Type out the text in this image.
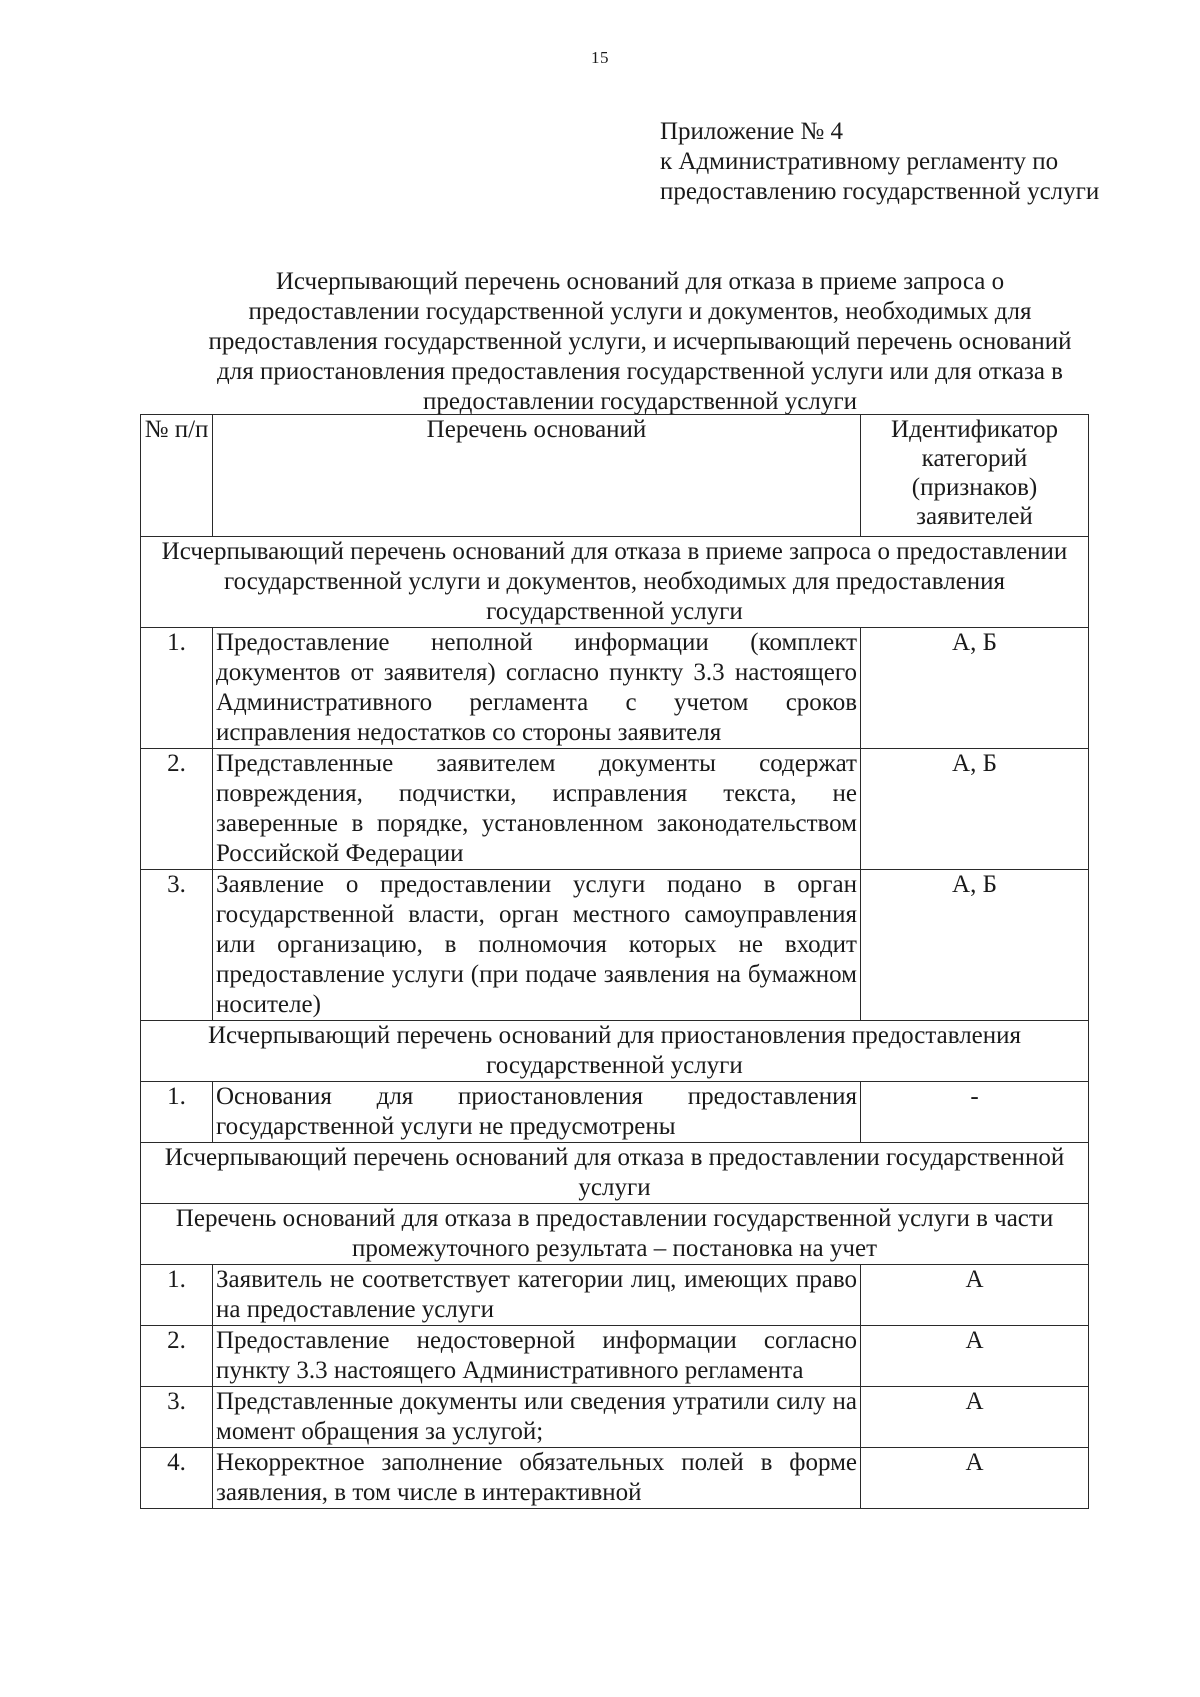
15
Приложение № 4
к Административному регламенту по
предоставлению государственной услуги
Исчерпывающий перечень оснований для отказа в приеме запроса о
предоставлении государственной услуги и документов, необходимых для
предоставления государственной услуги, и исчерпывающий перечень оснований
для приостановления предоставления государственной услуги или для отказа в
предоставлении государственной услуги
№ п/п	Перечень оснований	Идентификатор категорий (признаков) заявителей
Исчерпывающий перечень оснований для отказа в приеме запроса о предоставлении государственной услуги и документов, необходимых для предоставления государственной услуги		
1.	Предоставление неполной информации (комплект документов от заявителя) согласно пункту 3.3 настоящего Административного регламента с учетом сроков исправления недостатков со стороны заявителя	А, Б
2.	Представленные заявителем документы содержат повреждения, подчистки, исправления текста, не заверенные в порядке, установленном законодательством Российской Федерации	А, Б
3.	Заявление о предоставлении услуги подано в орган государственной власти, орган местного самоуправления или организацию, в полномочия которых не входит предоставление услуги (при подаче заявления на бумажном носителе)	А, Б
Исчерпывающий перечень оснований для приостановления предоставления государственной услуги		
1.	Основания для приостановления предоставления государственной услуги не предусмотрены	-
Исчерпывающий перечень оснований для отказа в предоставлении государственной услуги		
Перечень оснований для отказа в предоставлении государственной услуги в части промежуточного результата – постановка на учет		
1.	Заявитель не соответствует категории лиц, имеющих право на предоставление услуги	А
2.	Предоставление недостоверной информации согласно пункту 3.3 настоящего Административного регламента	А
3.	Представленные документы или сведения утратили силу на момент обращения за услугой;	А
4.	Некорректное заполнение обязательных полей в форме заявления, в том числе в интерактивной	А
